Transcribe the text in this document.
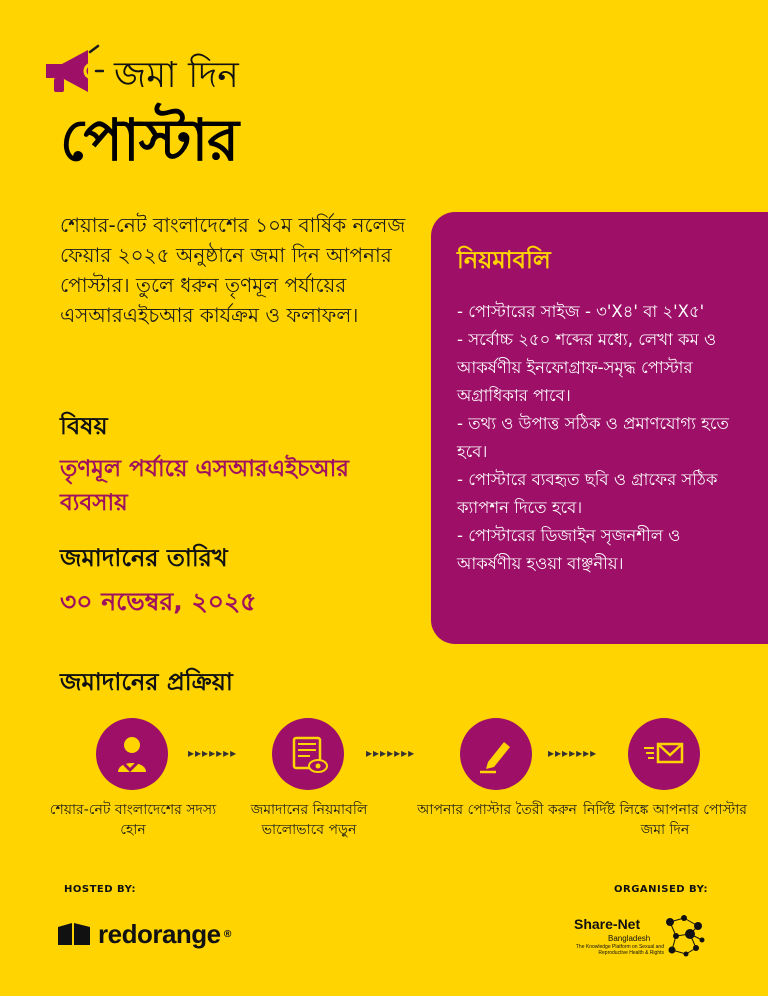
জমা দিন
পোস্টার
শেয়ার-নেট বাংলাদেশের ১০ম বার্ষিক নলেজ ফেয়ার ২০২৫ অনুষ্ঠানে জমা দিন আপনার পোস্টার। তুলে ধরুন তৃণমূল পর্যায়ের এসআরএইচআর কার্যক্রম ও ফলাফল।
বিষয়
তৃণমূল পর্যায়ে এসআরএইচআর ব্যবসায়
জমাদানের তারিখ
৩০ নভেম্বর, ২০২৫
নিয়মাবলি
- পোস্টারের সাইজ - ৩'X৪' বা ২'X৫'
- সর্বোচ্চ ২৫০ শব্দের মধ্যে, লেখা কম ও আকর্ষণীয় ইনফোগ্রাফ-সমৃদ্ধ পোস্টার অগ্রাধিকার পাবে।
- তথ্য ও উপাত্ত সঠিক ও প্রমাণযোগ্য হতে হবে।
- পোস্টারে ব্যবহৃত ছবি ও গ্রাফের সঠিক ক্যাপশন দিতে হবে।
- পোস্টারের ডিজাইন সৃজনশীল ও আকর্ষণীয় হওয়া বাঞ্ছনীয়।
জমাদানের প্রক্রিয়া
▸▸▸▸▸▸▸	▸▸▸▸▸▸▸	▸▸▸▸▸▸▸
শেয়ার-নেট বাংলাদেশের সদস্য হোন
জমাদানের নিয়মাবলি ভালোভাবে পড়ুন
আপনার পোস্টার তৈরী করুন নির্দিষ্ট লিঙ্কে আপনার পোস্টার জমা দিন
HOSTED BY:	ORGANISED BY:
redorange ®
Share-Net
Bangladesh
The Knowledge Platform on Sexual and Reproductive Health & Rights
